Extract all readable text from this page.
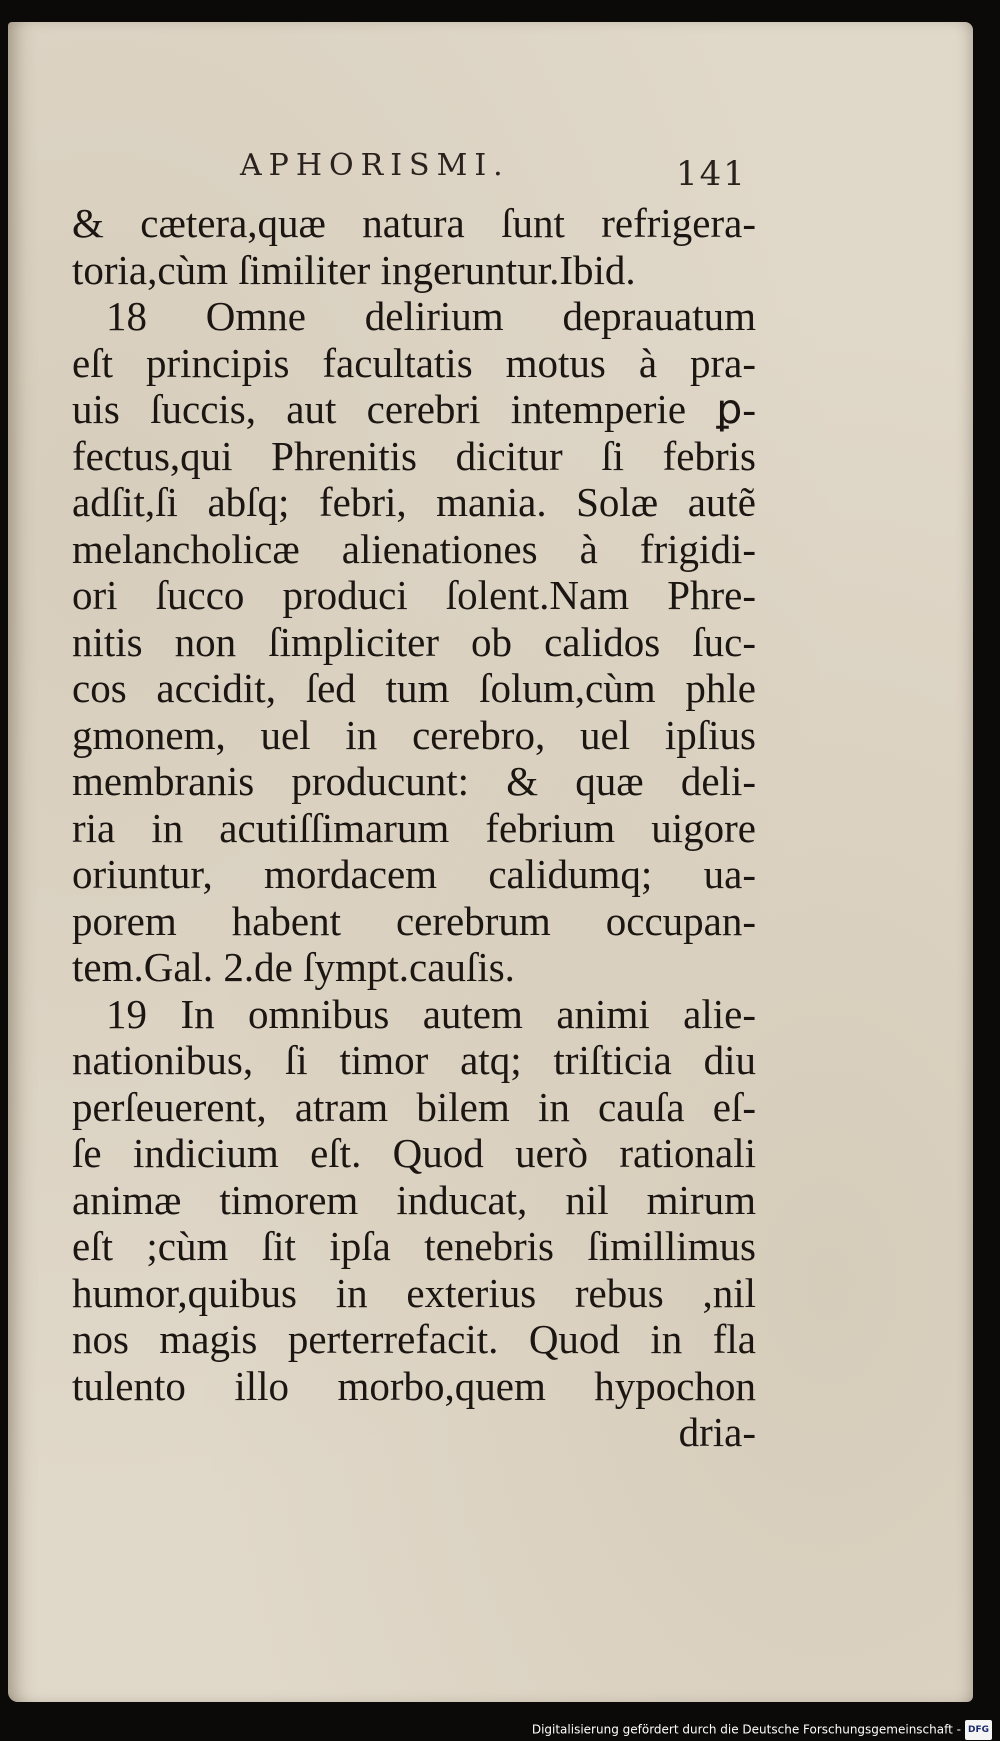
APHORISMI.	141
& cætera,quæ natura ſunt refrigera-
toria,cùm ſimiliter ingeruntur.Ibid.
18 Omne delirium deprauatum
eſt principis facultatis motus à pra-
uis ſuccis, aut cerebri intemperie ꝑ-
fectus,qui Phrenitis dicitur ſi febris
adſit,ſi abſq; febri, mania. Solæ autẽ
melancholicæ alienationes à frigidi-
ori ſucco produci ſolent.Nam Phre-
nitis non ſimpliciter ob calidos ſuc-
cos accidit, ſed tum ſolum,cùm phle
gmonem, uel in cerebro, uel ipſius
membranis producunt: & quæ deli-
ria in acutiſſimarum febrium uigore
oriuntur, mordacem calidumq; ua-
porem habent cerebrum occupan-
tem.Gal. 2.de ſympt.cauſis.
19 In omnibus autem animi alie-
nationibus, ſi timor atq; triſticia diu
perſeuerent, atram bilem in cauſa eſ-
ſe indicium eſt. Quod uerò rationali
animæ timorem inducat, nil mirum
eſt ;cùm ſit ipſa tenebris ſimillimus
humor,quibus in exterius rebus ,nil
nos magis perterrefacit. Quod in fla
tulento illo morbo,quem hypochon
dria-
Digitalisierung gefördert durch die Deutsche Forschungsgemeinschaft - DFG
